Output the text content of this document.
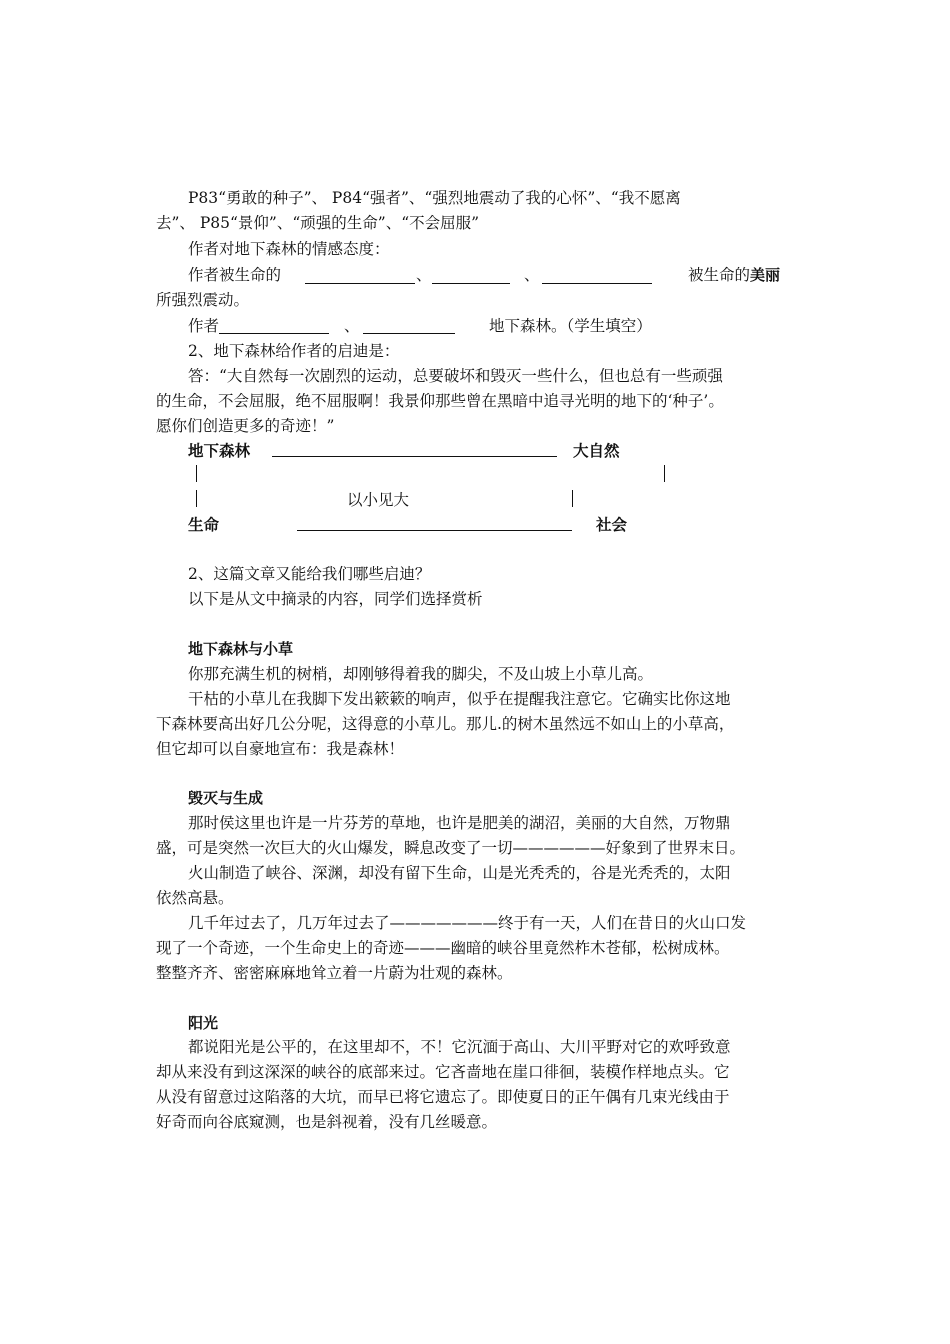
P83“勇敢的种子”、 P84“强者”、“强烈地震动了我的心怀”、“我不愿离
去”、 P85“景仰”、“顽强的生命”、“不会屈服”
作者对地下森林的情感态度：
作者被生命的	、	、	被生命的美丽
所强烈震动。
作者	、	地下森林。（学生填空）
2、地下森林给作者的启迪是：
答：“大自然每一次剧烈的运动，总要破坏和毁灭一些什么，但也总有一些顽强
的生命，不会屈服，绝不屈服啊！我景仰那些曾在黑暗中追寻光明的地下的‘种子’。
愿你们创造更多的奇迹！”
地下森林	大自然
以小见大
生命	社会
2、这篇文章又能给我们哪些启迪？
以下是从文中摘录的内容，同学们选择赏析
地下森林与小草
你那充满生机的树梢，却刚够得着我的脚尖，不及山坡上小草儿高。
干枯的小草儿在我脚下发出簌簌的响声，似乎在提醒我注意它。它确实比你这地
下森林要高出好几公分呢，这得意的小草儿。那儿.的树木虽然远不如山上的小草高，
但它却可以自豪地宣布：我是森林！
毁灭与生成
那时侯这里也许是一片芬芳的草地，也许是肥美的湖沼，美丽的大自然，万物鼎
盛，可是突然一次巨大的火山爆发，瞬息改变了一切——————好象到了世界末日。
火山制造了峡谷、深渊，却没有留下生命，山是光秃秃的，谷是光秃秃的，太阳
依然高悬。
几千年过去了，几万年过去了———————终于有一天，人们在昔日的火山口发
现了一个奇迹，一个生命史上的奇迹———幽暗的峡谷里竟然柞木苍郁，松树成林。
整整齐齐、密密麻麻地耸立着一片蔚为壮观的森林。
阳光
都说阳光是公平的，在这里却不，不！它沉湎于高山、大川平野对它的欢呼致意
却从来没有到这深深的峡谷的底部来过。它吝啬地在崖口徘徊，装模作样地点头。它
从没有留意过这陷落的大坑，而早已将它遗忘了。即使夏日的正午偶有几束光线由于
好奇而向谷底窥测，也是斜视着，没有几丝暖意。
